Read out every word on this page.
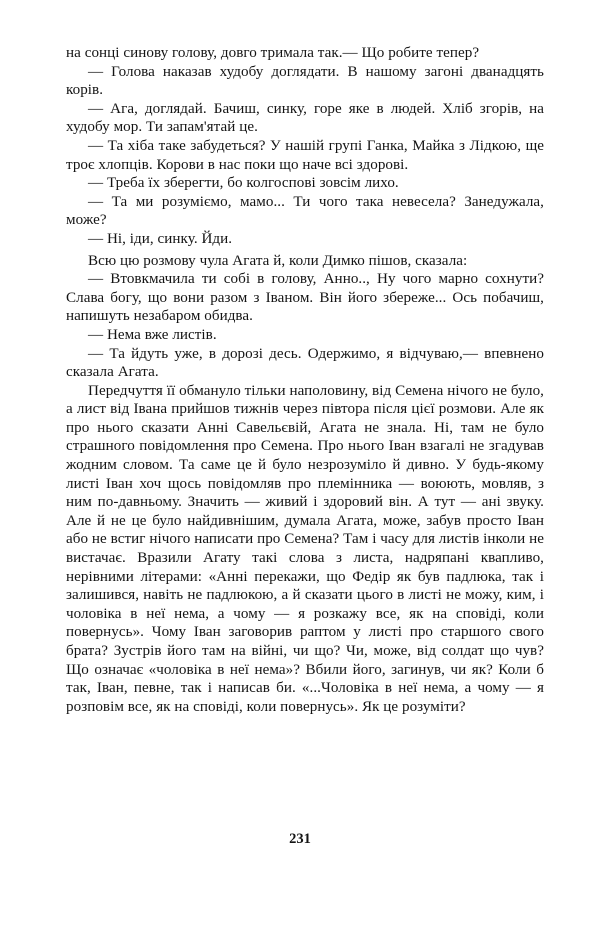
на сонці синову голову, довго тримала так.— Що робите тепер?

— Голова наказав худобу доглядати. В нашому загоні дванадцять корів.

— Ага, доглядай. Бачиш, синку, горе яке в людей. Хліб згорів, на худобу мор. Ти запам'ятай це.

— Та хіба таке забудеться? У нашій групі Ганка, Майка з Лідкою, ще троє хлопців. Корови в нас поки що наче всі здорові.

— Треба їх зберегти, бо колгоспові зовсім лихо.

— Та ми розуміємо, мамо... Ти чого така невесела? Занедужала, може?

— Ні, іди, синку. Йди.

Всю цю розмову чула Агата й, коли Димко пішов, сказала:

— Втовкмачила ти собі в голову, Анно.., Ну чого марно сохнути? Слава богу, що вони разом з Іваном. Він його збереже... Ось побачиш, напишуть незабаром обидва.

— Нема вже листів.

— Та йдуть уже, в дорозі десь. Одержимо, я відчуваю,— впевнено сказала Агата.

Передчуття її обмануло тільки наполовину, від Семена нічого не було, а лист від Івана прийшов тижнів через півтора після цієї розмови. Але як про нього сказати Анні Савельєвій, Агата не знала. Ні, там не було страшного повідомлення про Семена. Про нього Іван взагалі не згадував жодним словом. Та саме це й було незрозуміло й дивно. У будь-якому листі Іван хоч щось повідомляв про племінника — воюють, мовляв, з ним по-давньому. Значить — живий і здоровий він. А тут — ані звуку. Але й не це було найдивнішим, думала Агата, може, забув просто Іван або не встиг нічого написати про Семена? Там і часу для листів інколи не вистачає. Вразили Агату такі слова з листа, надряпані квапливо, нерівними літерами: «Анні перекажи, що Федір як був падлюка, так і залишився, навіть не падлюкою, а й сказати цього в листі не можу, ким, і чоловіка в неї нема, а чому — я розкажу все, як на сповіді, коли повернусь». Чому Іван заговорив раптом у листі про старшого свого брата? Зустрів його там на війні, чи що? Чи, може, від солдат що чув? Що означає «чоловіка в неї нема»? Вбили його, загинув, чи як? Коли б так, Іван, певне, так і написав би. «...Чоловіка в неї нема, а чому — я розповім все, як на сповіді, коли повернусь». Як це розуміти?

231
